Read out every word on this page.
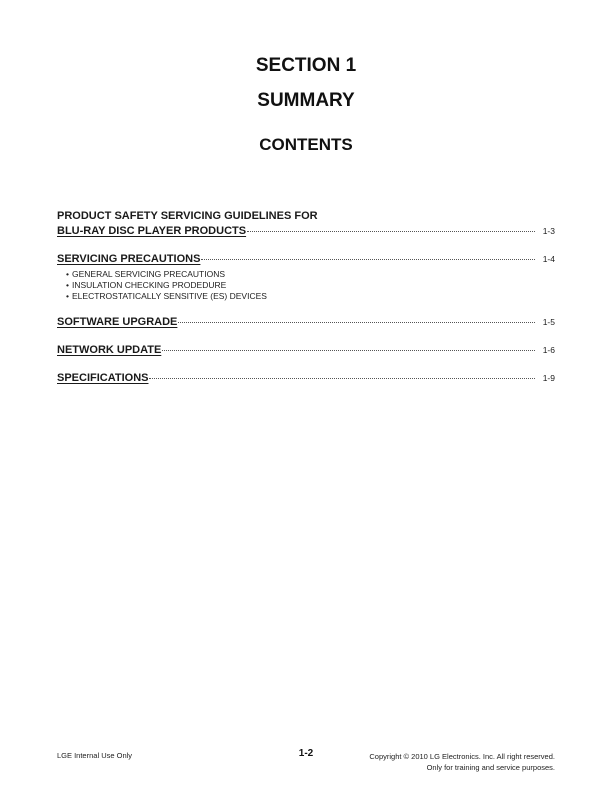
SECTION 1
SUMMARY
CONTENTS
PRODUCT SAFETY SERVICING GUIDELINES FOR
BLU-RAY DISC PLAYER PRODUCTS	1-3
SERVICING PRECAUTIONS	1-4
• GENERAL SERVICING PRECAUTIONS
• INSULATION CHECKING PRODEDURE
• ELECTROSTATICALLY SENSITIVE (ES) DEVICES
SOFTWARE UPGRADE	1-5
NETWORK UPDATE	1-6
SPECIFICATIONS	1-9
LGE Internal Use Only	1-2	Copyright © 2010 LG Electronics. Inc. All right reserved.
Only for training and service purposes.
